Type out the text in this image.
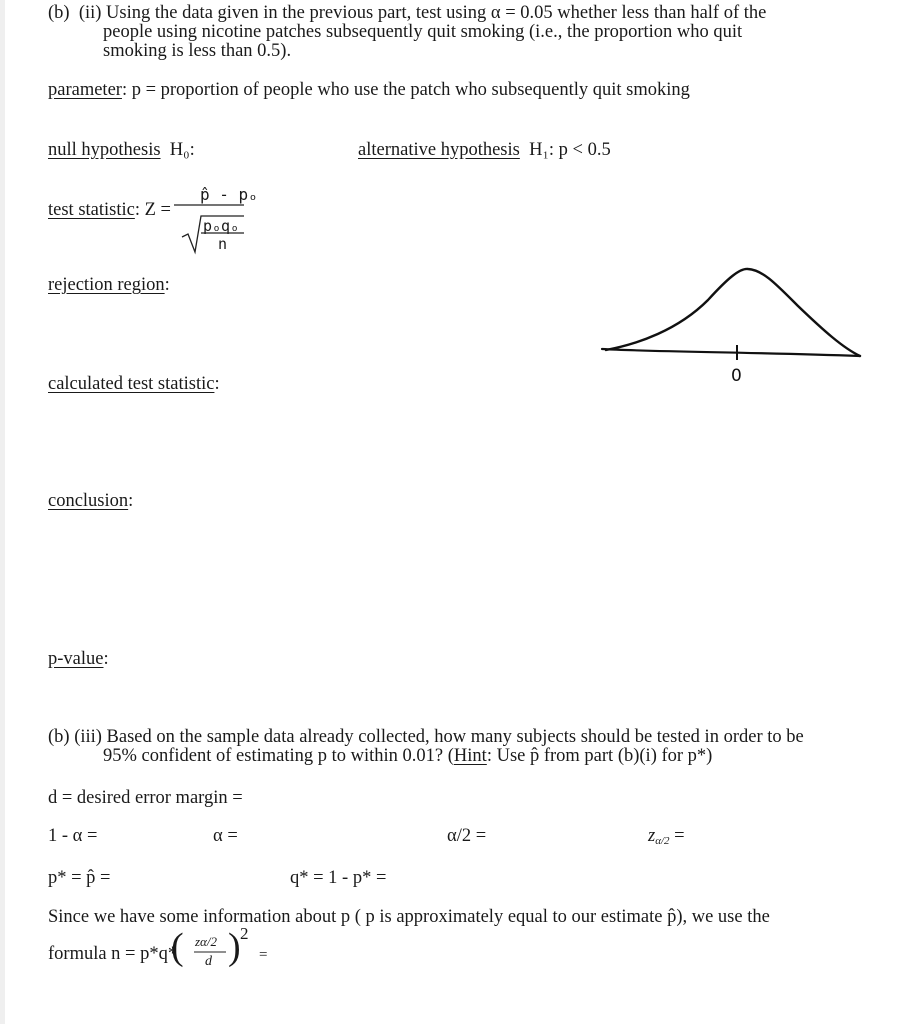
(b) (ii) Using the data given in the previous part, test using α = 0.05 whether less than half of the
people using nicotine patches subsequently quit smoking (i.e., the proportion who quit
smoking is less than 0.5).
parameter: p = proportion of people who use the patch who subsequently quit smoking
null hypothesis H₀:	alternative hypothesis H₁: p < 0.5
test statistic: Z =
p̂ - pₒ
pₒqₒ
n
rejection region:
0
calculated test statistic:
conclusion:
p-value:
(b) (iii) Based on the sample data already collected, how many subjects should be tested in order to be
95% confident of estimating p to within 0.01? (Hint: Use p̂ from part (b)(i) for p*)
d = desired error margin =
1 - α =	α =	α/2 =	zα/2 =
p* = p̂ =	q* = 1 - p* =
Since we have some information about p ( p is approximately equal to our estimate p̂), we use the
formula n = p*q*
( zα/2
d ) 2
=
